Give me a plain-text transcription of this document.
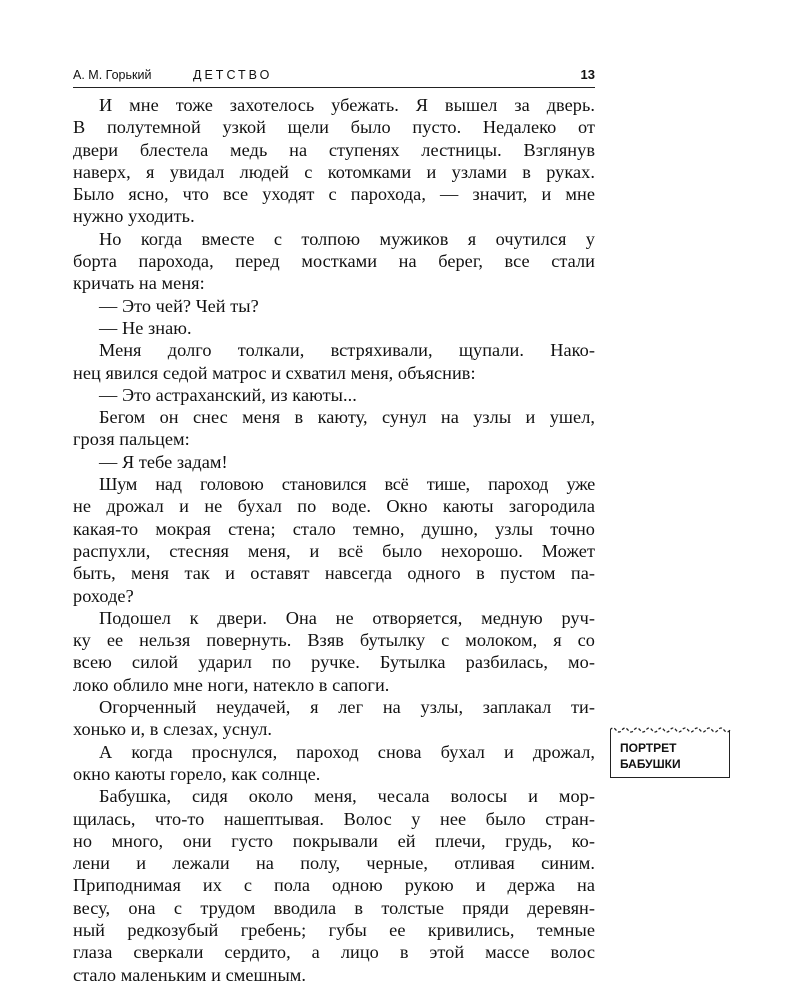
А. М. Горький	ДЕТСТВО	13

И мне тоже захотелось убежать. Я вышел за дверь.

В полутемной узкой щели было пусто. Недалеко от

двери блестела медь на ступенях лестницы. Взглянув

наверх, я увидал людей с котомками и узлами в руках.

Было ясно, что все уходят с парохода, — значит, и мне

нужно уходить.

Но когда вместе с толпою мужиков я очутился у

борта парохода, перед мостками на берег, все стали

кричать на меня:

— Это чей? Чей ты?

— Не знаю.

Меня долго толкали, встряхивали, щупали. Нако-

нец явился седой матрос и схватил меня, объяснив:

— Это астраханский, из каюты...

Бегом он снес меня в каюту, сунул на узлы и ушел,

грозя пальцем:

— Я тебе задам!

Шум над головою становился всё тише, пароход уже

не дрожал и не бухал по воде. Окно каюты загородила

какая-то мокрая стена; стало темно, душно, узлы точно

распухли, стесняя меня, и всё было нехорошо. Может

быть, меня так и оставят навсегда одного в пустом па-

роходе?

Подошел к двери. Она не отворяется, медную руч-

ку ее нельзя повернуть. Взяв бутылку с молоком, я со

всею силой ударил по ручке. Бутылка разбилась, мо-

локо облило мне ноги, натекло в сапоги.

Огорченный неудачей, я лег на узлы, заплакал ти-

хонько и, в слезах, уснул.

А когда проснулся, пароход снова бухал и дрожал,

окно каюты горело, как солнце.

Бабушка, сидя около меня, чесала волосы и мор-

щилась, что-то нашептывая. Волос у нее было стран-

но много, они густо покрывали ей плечи, грудь, ко-

лени и лежали на полу, черные, отливая синим.

Приподнимая их с пола одною рукою и держа на

весу, она с трудом вводила в толстые пряди деревян-

ный редкозубый гребень; губы ее кривились, темные

глаза сверкали сердито, а лицо в этой массе волос

стало маленьким и смешным.

ПОРТРЕТ
БАБУШКИ
